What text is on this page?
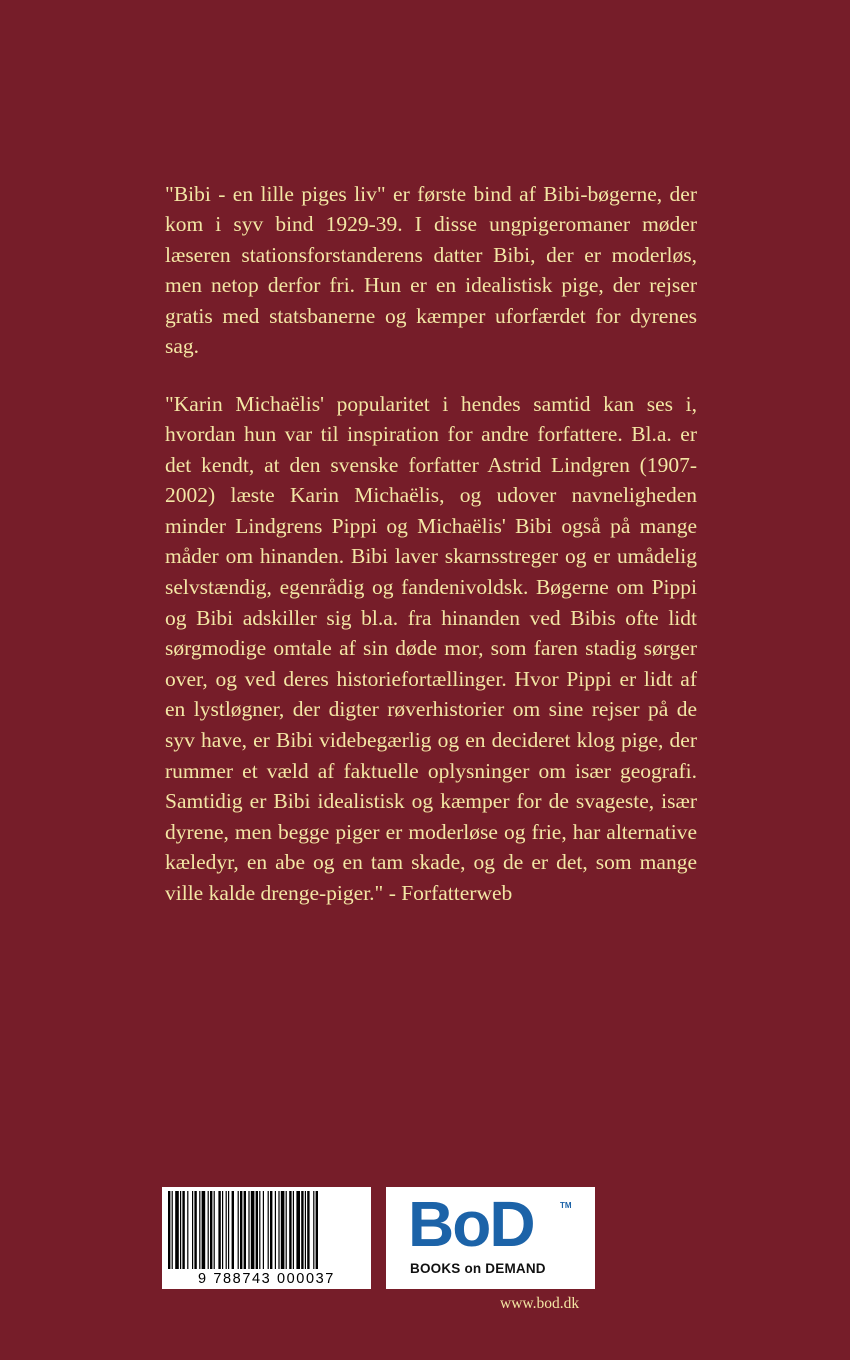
"Bibi - en lille piges liv" er første bind af Bibi-bøgerne, der kom i syv bind 1929-39. I disse ungpigeromaner møder læseren stationsforstanderens datter Bibi, der er moderløs, men netop derfor fri. Hun er en idealistisk pige, der rejser gratis med statsbanerne og kæmper uforfærdet for dyrenes sag.

"Karin Michaëlis' popularitet i hendes samtid kan ses i, hvordan hun var til inspiration for andre forfattere. Bl.a. er det kendt, at den svenske forfatter Astrid Lindgren (1907-2002) læste Karin Michaëlis, og udover navneligheden minder Lindgrens Pippi og Michaëlis' Bibi også på mange måder om hinanden. Bibi laver skarnsstreger og er umådelig selvstændig, egenrådig og fandenivoldsk. Bøgerne om Pippi og Bibi adskiller sig bl.a. fra hinanden ved Bibis ofte lidt sørgmodige omtale af sin døde mor, som faren stadig sørger over, og ved deres historiefortællinger. Hvor Pippi er lidt af en lystløgner, der digter røverhistorier om sine rejser på de syv have, er Bibi videbegærlig og en decideret klog pige, der rummer et væld af faktuelle oplysninger om især geografi. Samtidig er Bibi idealistisk og kæmper for de svageste, især dyrene, men begge piger er moderløse og frie, har alternative kæledyr, en abe og en tam skade, og de er det, som mange ville kalde drenge-piger." - Forfatterweb

9 788743 000037
BoD	TM
BOOKS on DEMAND
www.bod.dk
